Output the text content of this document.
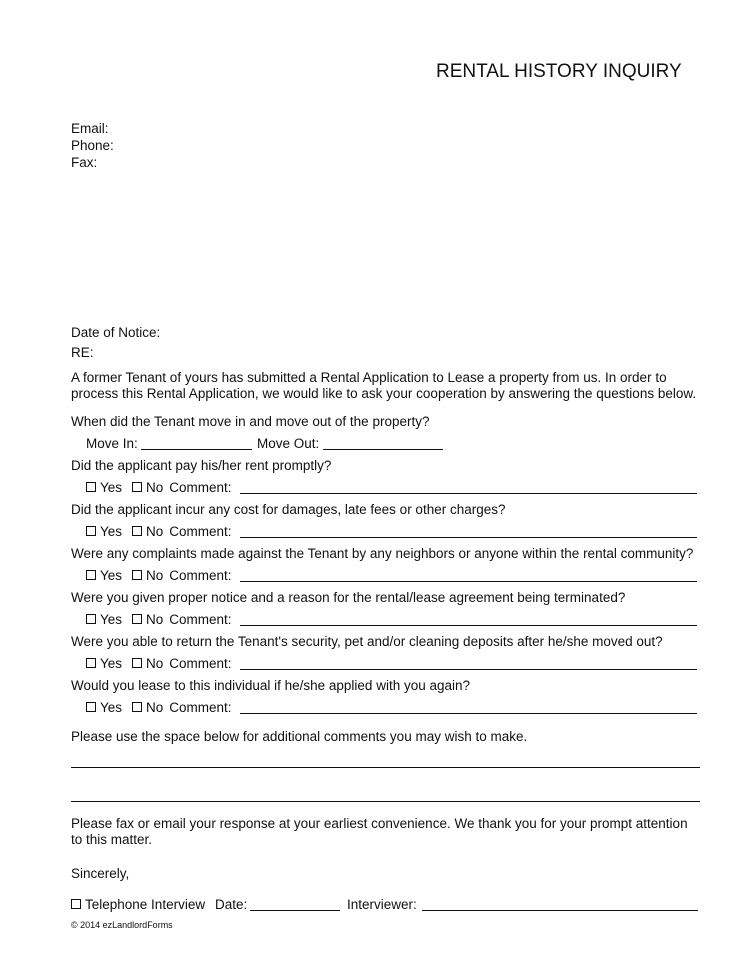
RENTAL HISTORY INQUIRY
Email:
Phone:
Fax:
Date of Notice:
RE:
A former Tenant of yours has submitted a Rental Application to Lease a property from us. In order to
process this Rental Application, we would like to ask your cooperation by answering the questions below.
When did the Tenant move in and move out of the property?
Move In:	Move Out:
Did the applicant pay his/her rent promptly?
Yes No Comment:
Did the applicant incur any cost for damages, late fees or other charges?
Yes No Comment:
Were any complaints made against the Tenant by any neighbors or anyone within the rental community?
Yes No Comment:
Were you given proper notice and a reason for the rental/lease agreement being terminated?
Yes No Comment:
Were you able to return the Tenant's security, pet and/or cleaning deposits after he/she moved out?
Yes No Comment:
Would you lease to this individual if he/she applied with you again?
Yes No Comment:
Please use the space below for additional comments you may wish to make.
Please fax or email your response at your earliest convenience. We thank you for your prompt attention
to this matter.
Sincerely,
Telephone Interview Date:	Interviewer:
© 2014 ezLandlordForms
